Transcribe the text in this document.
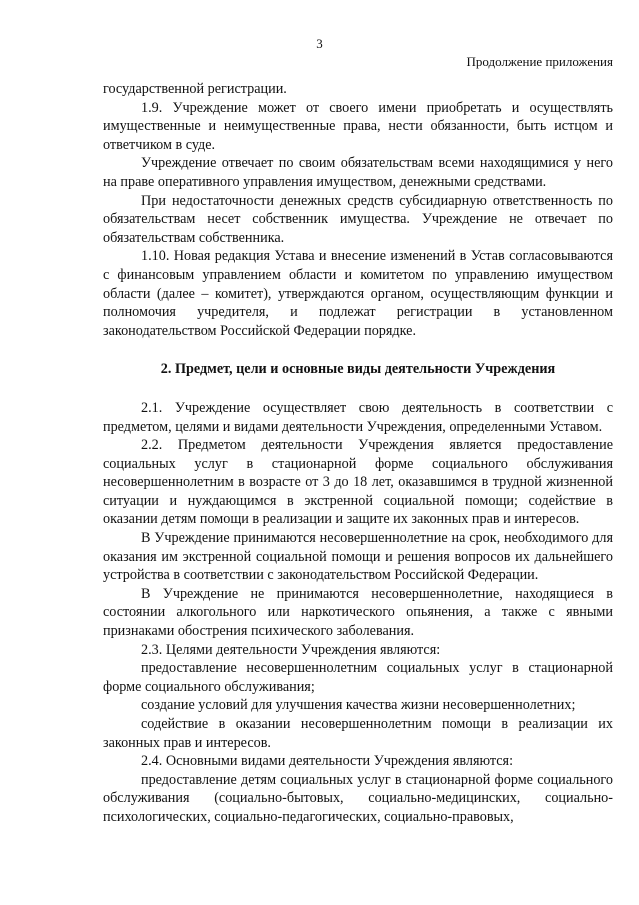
3
Продолжение приложения

государственной регистрации.

1.9. Учреждение может от своего имени приобретать и осуществлять имущественные и неимущественные права, нести обязанности, быть истцом и ответчиком в суде.

Учреждение отвечает по своим обязательствам всеми находящимися у него на праве оперативного управления имуществом, денежными средствами.

При недостаточности денежных средств субсидиарную ответственность по обязательствам несет собственник имущества. Учреждение не отвечает по обязательствам собственника.

1.10. Новая редакция Устава и внесение изменений в Устав согласовываются с финансовым управлением области и комитетом по управлению имуществом области (далее – комитет), утверждаются органом, осуществляющим функции и полномочия учредителя, и подлежат регистрации в установленном законодательством Российской Федерации порядке.

2. Предмет, цели и основные виды деятельности Учреждения

2.1. Учреждение осуществляет свою деятельность в соответствии с предметом, целями и видами деятельности Учреждения, определенными Уставом.

2.2. Предметом деятельности Учреждения является предоставление социальных услуг в стационарной форме социального обслуживания несовершеннолетним в возрасте от 3 до 18 лет, оказавшимся в трудной жизненной ситуации и нуждающимся в экстренной социальной помощи; содействие в оказании детям помощи в реализации и защите их законных прав и интересов.

В Учреждение принимаются несовершеннолетние на срок, необходимого для оказания им экстренной социальной помощи и решения вопросов их дальнейшего устройства в соответствии с законодательством Российской Федерации.

В Учреждение не принимаются несовершеннолетние, находящиеся в состоянии алкогольного или наркотического опьянения, а также с явными признаками обострения психического заболевания.

2.3. Целями деятельности Учреждения являются:

предоставление несовершеннолетним социальных услуг в стационарной форме социального обслуживания;

создание условий для улучшения качества жизни несовершеннолетних;

содействие в оказании несовершеннолетним помощи в реализации их законных прав и интересов.

2.4. Основными видами деятельности Учреждения являются:

предоставление детям социальных услуг в стационарной форме социального обслуживания (социально-бытовых, социально-медицинских, социально-психологических, социально-педагогических, социально-правовых,
